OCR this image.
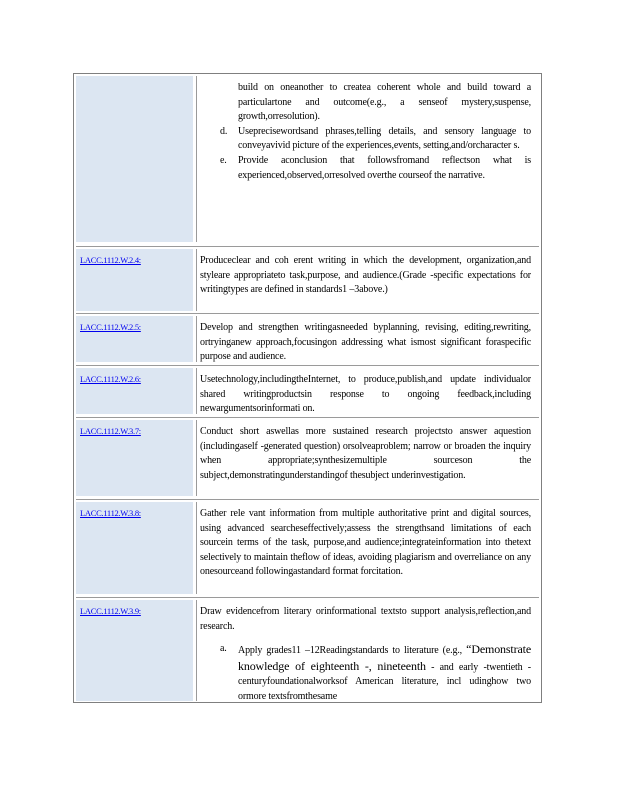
build on oneanother to createa coherent whole and build toward a particulartone and outcome(e.g., a senseof mystery,suspense, growth,orresolution).
d. Useprecisewordsand phrases,telling details, and sensory language to conveyavivid picture of the experiences,events, setting,and/orcharacter s.
e. Provide aconclusion that followsfromand reflectson what is experienced,observed,orresolved overthe courseof the narrative.
LACC.1112.W.2.4:	Produceclear and coh erent writing in which the development, organization,and styleare appropriateto task,purpose, and audience.(Grade -specific expectations for writingtypes are defined in standards1 –3above.)

LACC.1112.W.2.5:	Develop and strengthen writingasneeded byplanning, revising, editing,rewriting, ortryinganew approach,focusingon addressing what ismost significant foraspecific purpose and audience.

LACC.1112.W.2.6:	Usetechnology,includingtheInternet, to produce,publish,and update individualor shared writingproductsin response to ongoing feedback,including newargumentsorinformati on.

LACC.1112.W.3.7:	Conduct short aswellas more sustained research projectsto answer aquestion (includingaself -generated question) orsolveaproblem; narrow or broaden the inquiry when appropriate;synthesizemultiple sourceson the subject,demonstratingunderstandingof thesubject underinvestigation.

LACC.1112.W.3.8:	Gather rele vant information from multiple authoritative print and digital sources, using advanced searcheseffectively;assess the strengthsand limitations of each sourcein terms of the task, purpose,and audience;integrateinformation into thetext selectively to maintain theflow of ideas, avoiding plagiarism and overreliance on any onesourceand followingastandard format forcitation.

LACC.1112.W.3.9:	Draw evidencefrom literary orinformational textsto support analysis,reflection,and research.

a. Apply grades11 –12Readingstandards to literature (e.g., “Demonstrate knowledge of eighteenth -, nineteenth - and early -twentieth -centuryfoundationalworksof American literature, incl udinghow two ormore textsfromthesame
